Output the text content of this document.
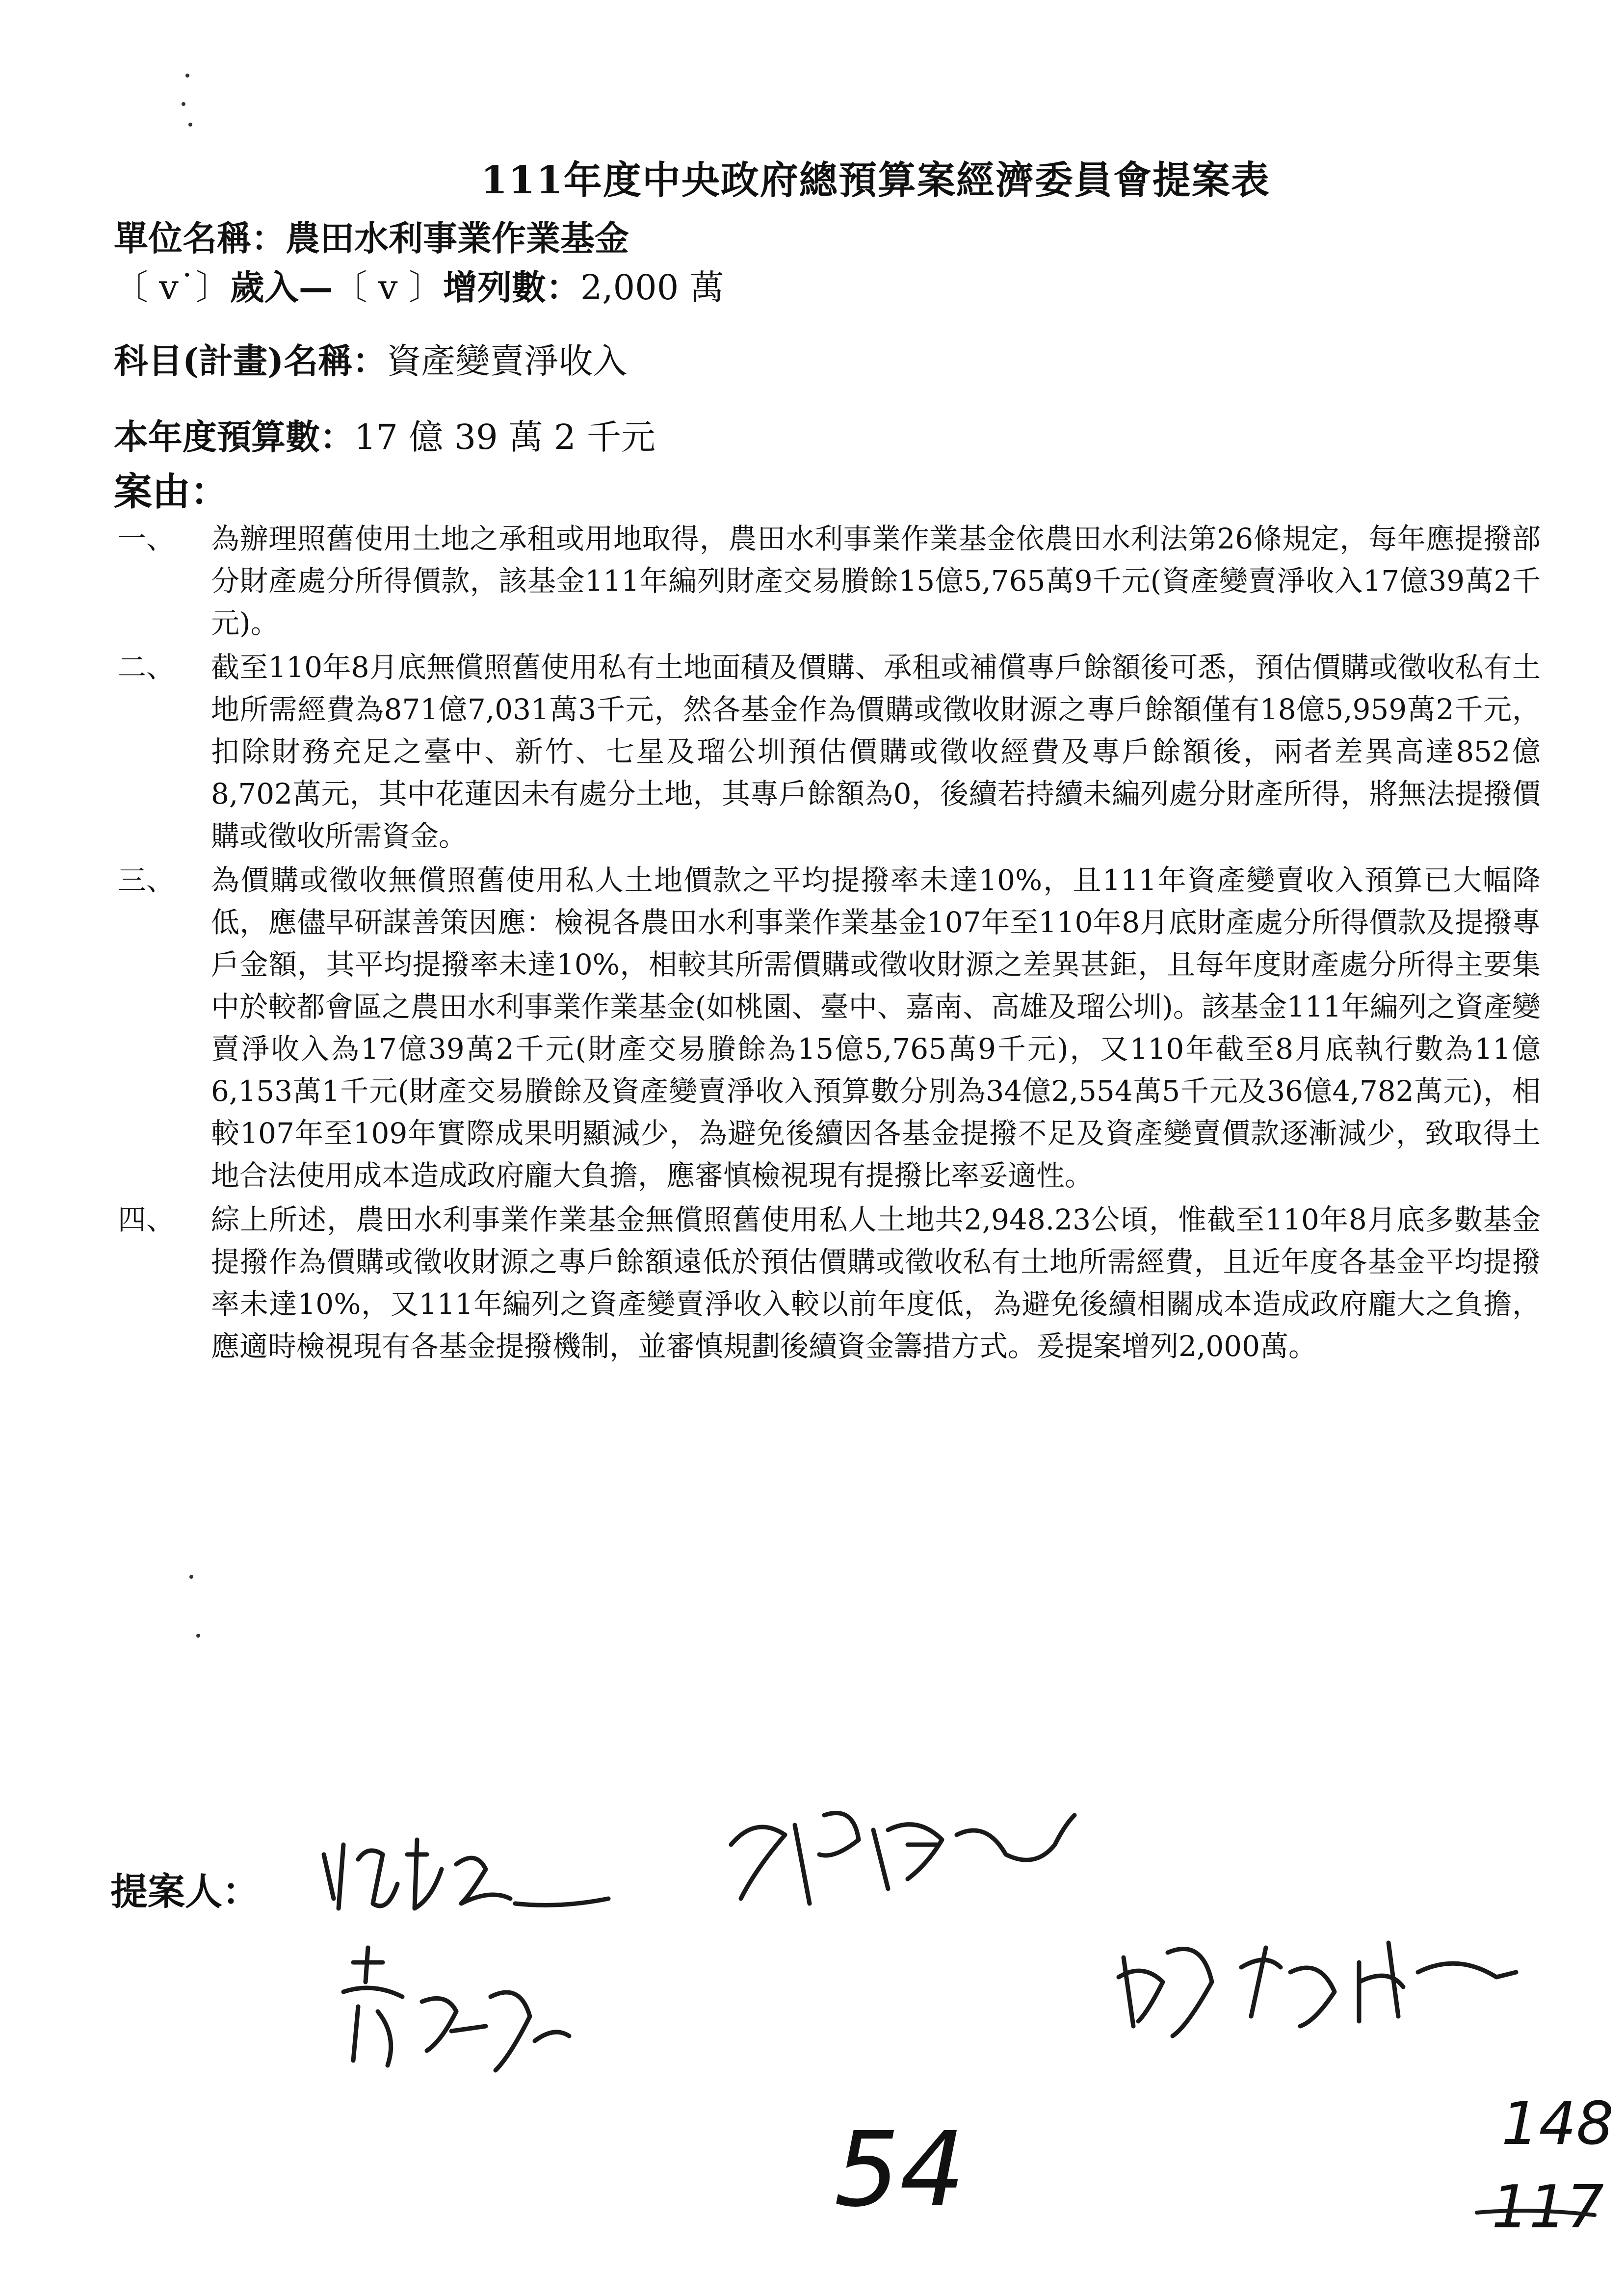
111年度中央政府總預算案經濟委員會提案表
單位名稱：農田水利事業作業基金
〔 v˙〕歲入—〔 v 〕增列數：2,000 萬
科目(計畫)名稱：資產變賣淨收入
本年度預算數：17 億 39 萬 2 千元
案由：
一、	為辦理照舊使用土地之承租或用地取得，農田水利事業作業基金依農田水利法第26條規定，每年應提撥部分財產處分所得價款，該基金111年編列財產交易賸餘15億5,765萬9千元(資產變賣淨收入17億39萬2千元)。
二、	截至110年8月底無償照舊使用私有土地面積及價購、承租或補償專戶餘額後可悉，預估價購或徵收私有土地所需經費為871億7,031萬3千元，然各基金作為價購或徵收財源之專戶餘額僅有18億5,959萬2千元，扣除財務充足之臺中、新竹、七星及瑠公圳預估價購或徵收經費及專戶餘額後，兩者差異高達852億8,702萬元，其中花蓮因未有處分土地，其專戶餘額為0，後續若持續未編列處分財產所得，將無法提撥價購或徵收所需資金。
三、	為價購或徵收無償照舊使用私人土地價款之平均提撥率未達10%，且111年資產變賣收入預算已大幅降低，應儘早研謀善策因應：檢視各農田水利事業作業基金107年至110年8月底財產處分所得價款及提撥專戶金額，其平均提撥率未達10%，相較其所需價購或徵收財源之差異甚鉅，且每年度財產處分所得主要集中於較都會區之農田水利事業作業基金(如桃園、臺中、嘉南、高雄及瑠公圳)。該基金111年編列之資產變賣淨收入為17億39萬2千元(財產交易賸餘為15億5,765萬9千元)，又110年截至8月底執行數為11億6,153萬1千元(財產交易賸餘及資產變賣淨收入預算數分別為34億2,554萬5千元及36億4,782萬元)，相較107年至109年實際成果明顯減少，為避免後續因各基金提撥不足及資產變賣價款逐漸減少，致取得土地合法使用成本造成政府龐大負擔，應審慎檢視現有提撥比率妥適性。
四、	綜上所述，農田水利事業作業基金無償照舊使用私人土地共2,948.23公頃，惟截至110年8月底多數基金提撥作為價購或徵收財源之專戶餘額遠低於預估價購或徵收私有土地所需經費，且近年度各基金平均提撥率未達10%，又111年編列之資產變賣淨收入較以前年度低，為避免後續相關成本造成政府龐大之負擔，應適時檢視現有各基金提撥機制，並審慎規劃後續資金籌措方式。爰提案增列2,000萬。
提案人：
54	148
117
